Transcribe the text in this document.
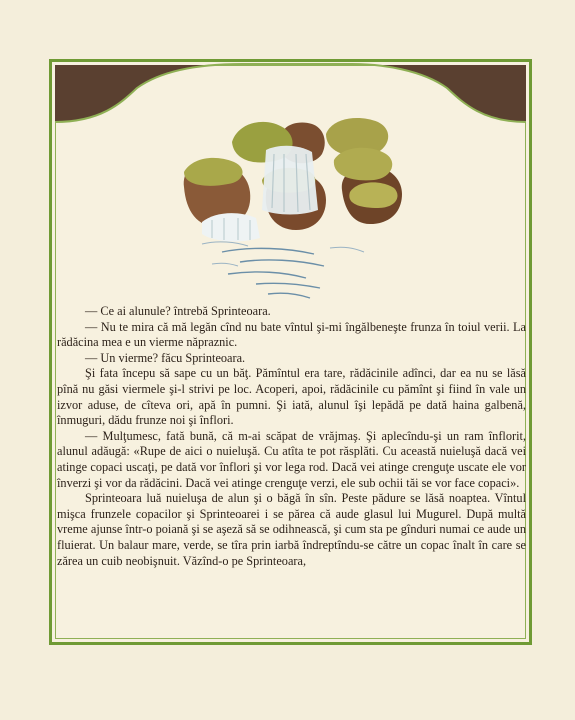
— Ce ai alunule? întrebă Sprinteoara.

— Nu te mira că mă legăn cînd nu bate vîntul şi-mi îngălbeneşte frunza în toiul verii. La rădăcina mea e un vierme năpraznic.

— Un vierme? făcu Sprinteoara.

Şi fata începu să sape cu un băţ. Pămîntul era tare, rădăcinile adînci, dar ea nu se lăsă pînă nu găsi viermele şi-l strivi pe loc. Acoperi, apoi, rădăcinile cu pămînt şi fiind în vale un izvor aduse, de cîteva ori, apă în pumni. Şi iată, alunul îşi lepădă pe dată haina galbenă, înmuguri, dădu frunze noi şi înflori.

— Mulţumesc, fată bună, că m-ai scăpat de vrăjmaş. Şi aplecîndu-şi un ram înflorit, alunul adăugă: «Rupe de aici o nuieluşă. Cu atîta te pot răsplăti. Cu această nuieluşă dacă vei atinge copaci uscaţi, pe dată vor înflori şi vor lega rod. Dacă vei atinge crenguţe uscate ele vor înverzi şi vor da rădăcini. Dacă vei atinge crenguţe verzi, ele sub ochii tăi se vor face copaci».

Sprinteoara luă nuieluşa de alun şi o băgă în sîn. Peste pădure se lăsă noaptea. Vîntul mişca frunzele copacilor şi Sprinteoarei i se părea că aude glasul lui Mugurel. După multă vreme ajunse într-o poiană şi se aşeză să se odihnească, şi cum sta pe gînduri numai ce aude un fluierat. Un balaur mare, verde, se tîra prin iarbă îndreptîndu-se către un copac înalt în care se zărea un cuib neobişnuit. Văzînd-o pe Sprinteoara,
